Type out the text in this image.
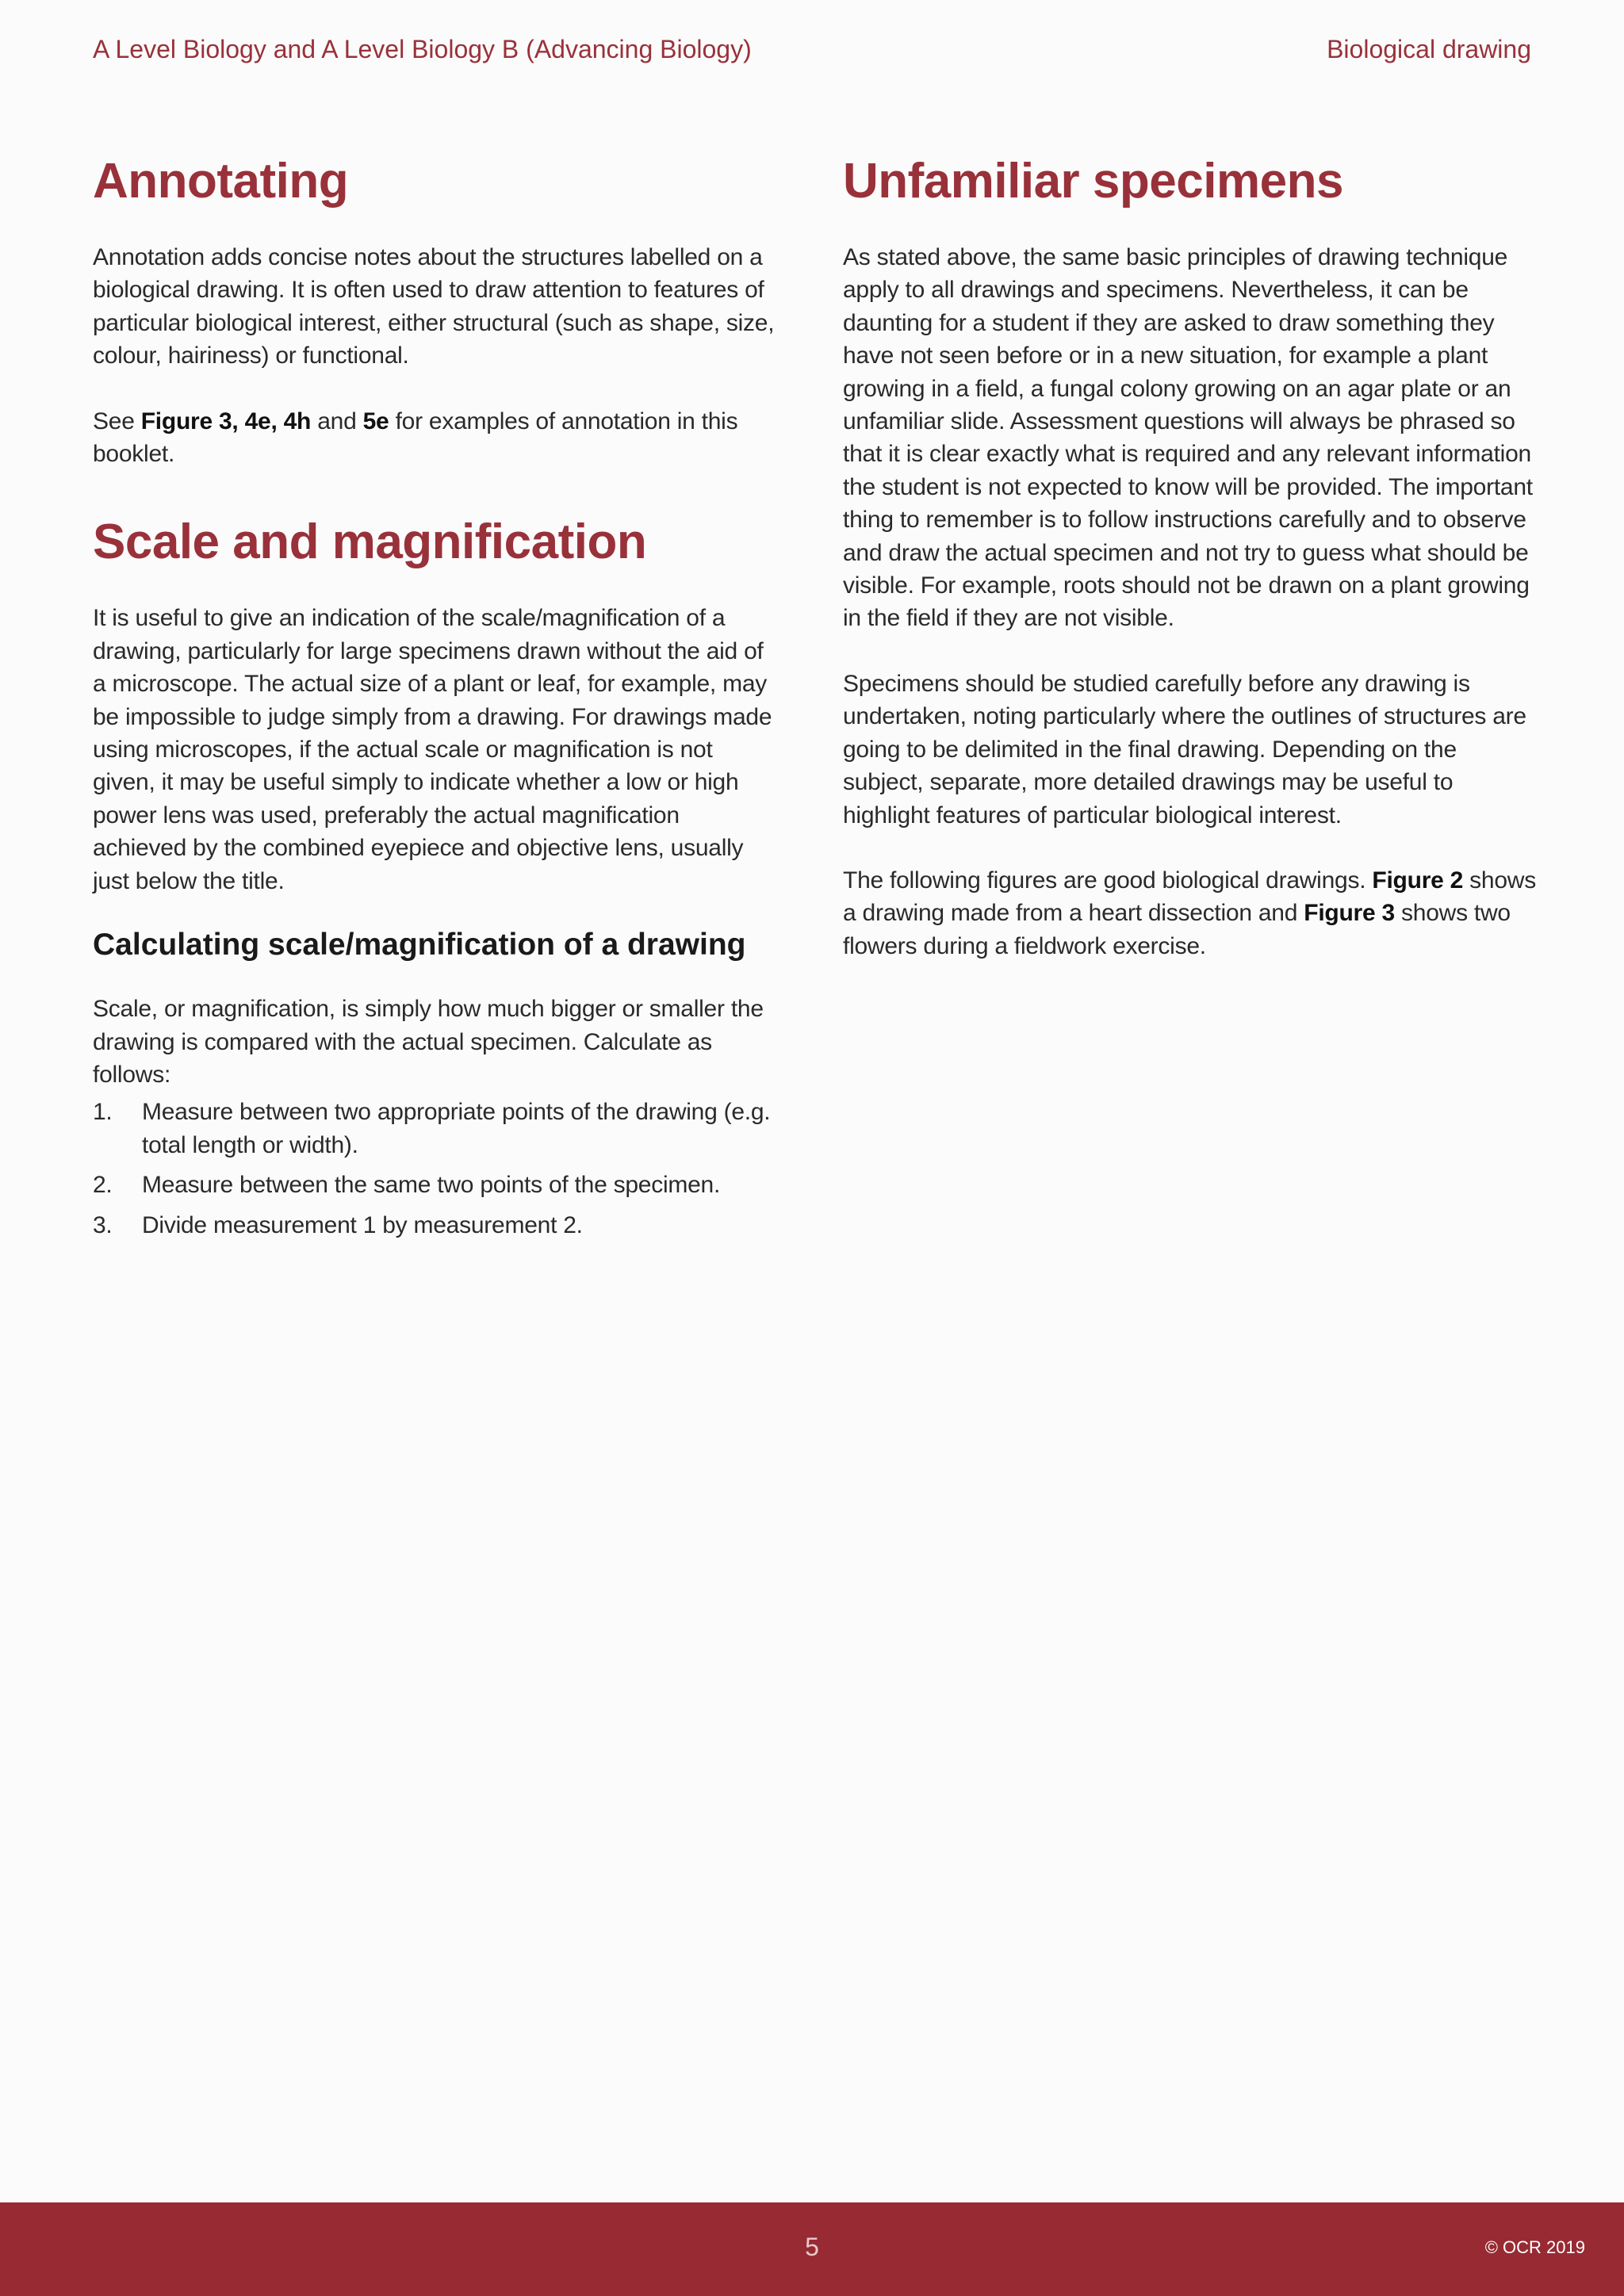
A Level Biology and A Level Biology B (Advancing Biology)	Biological drawing
Annotating

Annotation adds concise notes about the structures labelled on a biological drawing. It is often used to draw attention to features of particular biological interest, either structural (such as shape, size, colour, hairiness) or functional.

See Figure 3, 4e, 4h and 5e for examples of annotation in this booklet.

Scale and magnification

It is useful to give an indication of the scale/magnification of a drawing, particularly for large specimens drawn without the aid of a microscope. The actual size of a plant or leaf, for example, may be impossible to judge simply from a drawing. For drawings made using microscopes, if the actual scale or magnification is not given, it may be useful simply to indicate whether a low or high power lens was used, preferably the actual magnification achieved by the combined eyepiece and objective lens, usually just below the title.

Calculating scale/magnification of a drawing

Scale, or magnification, is simply how much bigger or smaller the drawing is compared with the actual specimen. Calculate as follows:

1. Measure between two appropriate points of the drawing (e.g. total length or width).
2. Measure between the same two points of the specimen.
3. Divide measurement 1 by measurement 2.
Unfamiliar specimens

As stated above, the same basic principles of drawing technique apply to all drawings and specimens. Nevertheless, it can be daunting for a student if they are asked to draw something they have not seen before or in a new situation, for example a plant growing in a field, a fungal colony growing on an agar plate or an unfamiliar slide. Assessment questions will always be phrased so that it is clear exactly what is required and any relevant information the student is not expected to know will be provided. The important thing to remember is to follow instructions carefully and to observe and draw the actual specimen and not try to guess what should be visible. For example, roots should not be drawn on a plant growing in the field if they are not visible.

Specimens should be studied carefully before any drawing is undertaken, noting particularly where the outlines of structures are going to be delimited in the final drawing. Depending on the subject, separate, more detailed drawings may be useful to highlight features of particular biological interest.

The following figures are good biological drawings. Figure 2 shows a drawing made from a heart dissection and Figure 3 shows two flowers during a fieldwork exercise.

5	© OCR 2019
